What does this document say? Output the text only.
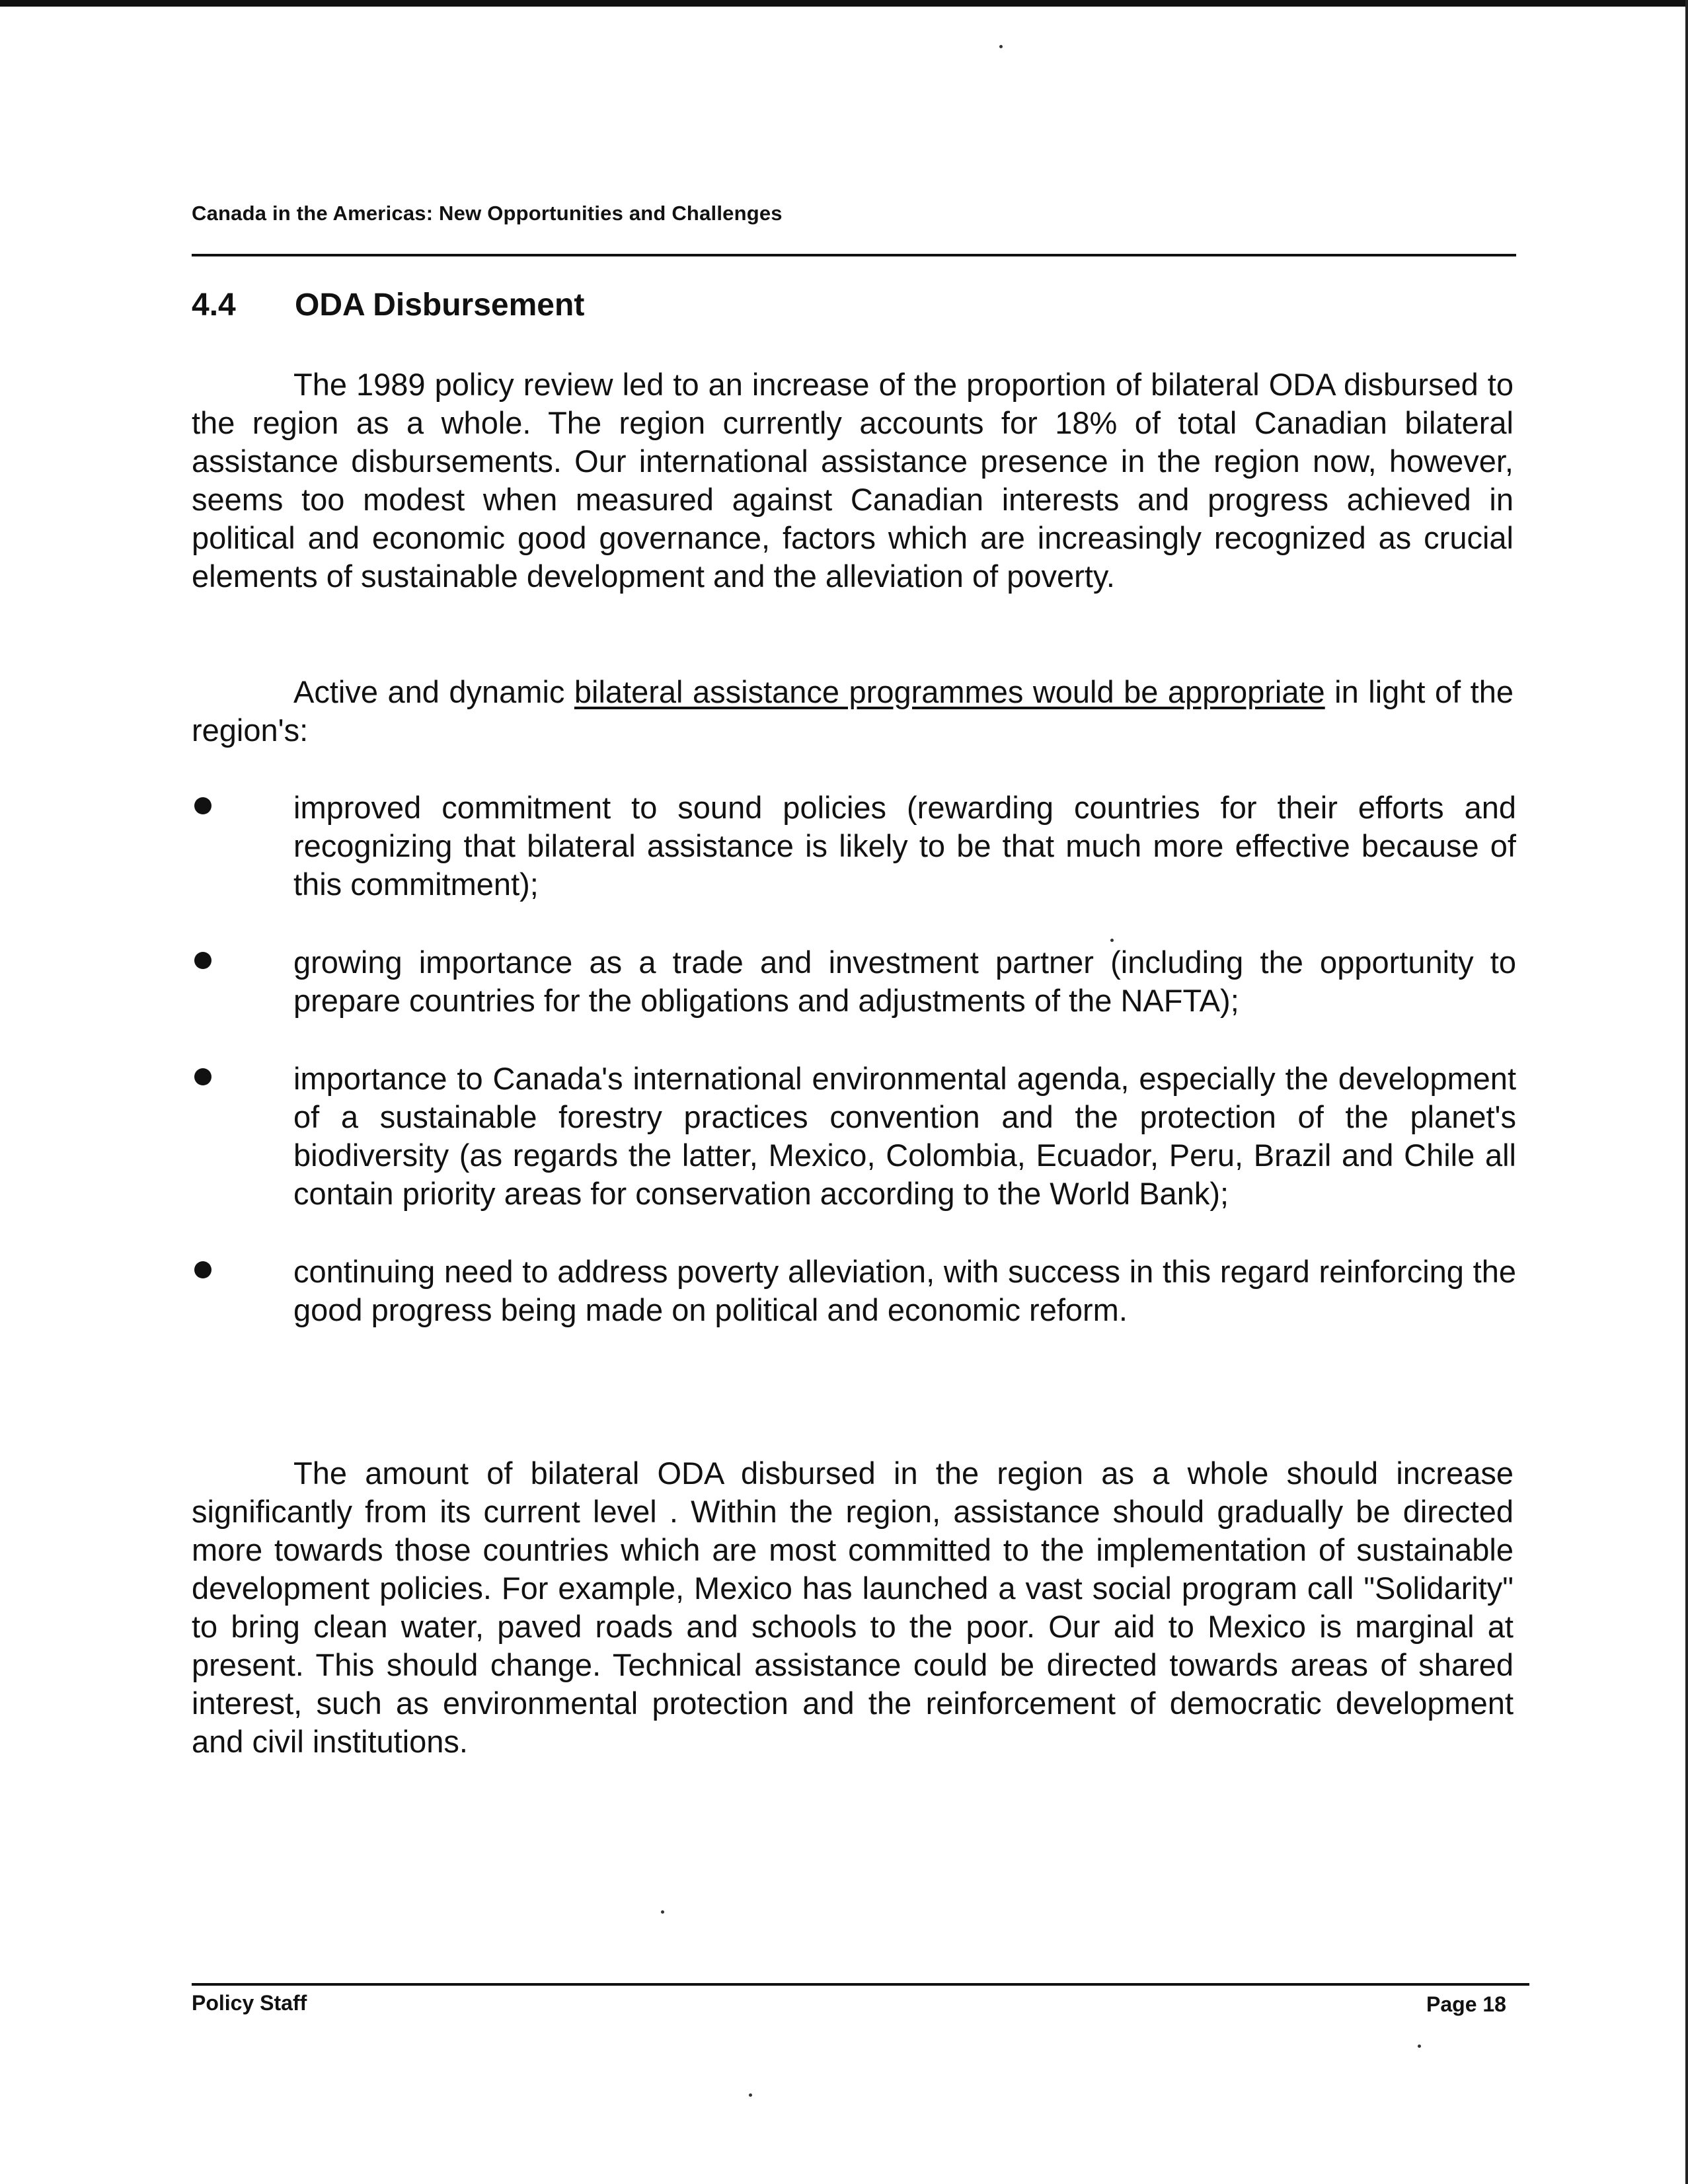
Canada in the Americas: New Opportunities and Challenges
4.4	ODA Disbursement

The 1989 policy review led to an increase of the proportion of bilateral ODA disbursed to the region as a whole. The region currently accounts for 18% of total Canadian bilateral assistance disbursements. Our international assistance presence in the region now, however, seems too modest when measured against Canadian interests and progress achieved in political and economic good governance, factors which are increasingly recognized as crucial elements of sustainable development and the alleviation of poverty.

Active and dynamic bilateral assistance programmes would be appropriate in light of the region's:

improved commitment to sound policies (rewarding countries for their efforts and recognizing that bilateral assistance is likely to be that much more effective because of this commitment);
growing importance as a trade and investment partner (including the opportunity to prepare countries for the obligations and adjustments of the NAFTA);
importance to Canada's international environmental agenda, especially the development of a sustainable forestry practices convention and the protection of the planet's biodiversity (as regards the latter, Mexico, Colombia, Ecuador, Peru, Brazil and Chile all contain priority areas for conservation according to the World Bank);
continuing need to address poverty alleviation, with success in this regard reinforcing the good progress being made on political and economic reform.

The amount of bilateral ODA disbursed in the region as a whole should increase significantly from its current level . Within the region, assistance should gradually be directed more towards those countries which are most committed to the implementation of sustainable development policies. For example, Mexico has launched a vast social program call "Solidarity" to bring clean water, paved roads and schools to the poor. Our aid to Mexico is marginal at present. This should change. Technical assistance could be directed towards areas of shared interest, such as environmental protection and the reinforcement of democratic development and civil institutions.

Policy Staff	Page 18
